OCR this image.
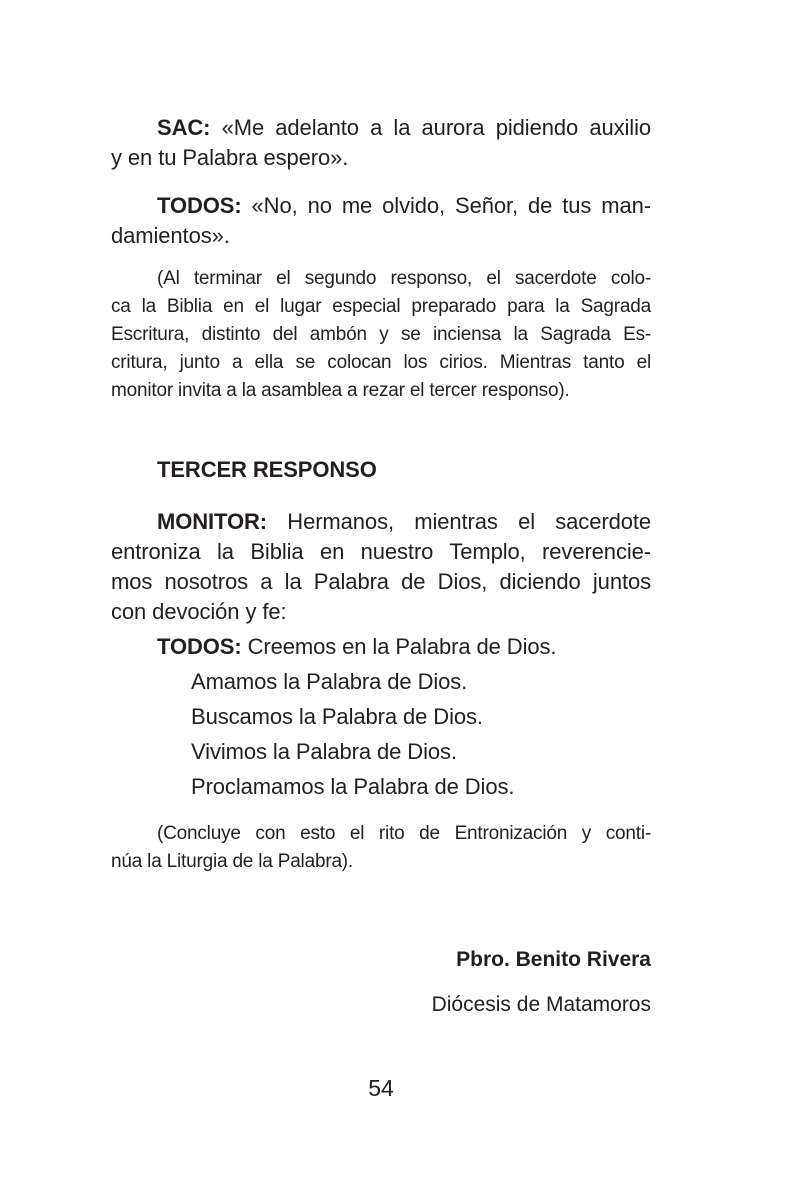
SAC: «Me adelanto a la aurora pidiendo auxilio
y en tu Palabra espero».
TODOS: «No, no me olvido, Señor, de tus man-
damientos».
(Al terminar el segundo responso, el sacerdote colo-
ca la Biblia en el lugar especial preparado para la Sagrada
Escritura, distinto del ambón y se inciensa la Sagrada Es-
critura, junto a ella se colocan los cirios. Mientras tanto el
monitor invita a la asamblea a rezar el tercer responso).
TERCER RESPONSO
MONITOR: Hermanos, mientras el sacerdote
entroniza la Biblia en nuestro Templo, reverencie-
mos nosotros a la Palabra de Dios, diciendo juntos
con devoción y fe:
TODOS: Creemos en la Palabra de Dios.
Amamos la Palabra de Dios.
Buscamos la Palabra de Dios.
Vivimos la Palabra de Dios.
Proclamamos la Palabra de Dios.
(Concluye con esto el rito de Entronización y conti-
núa la Liturgia de la Palabra).
Pbro. Benito Rivera
Diócesis de Matamoros
54
